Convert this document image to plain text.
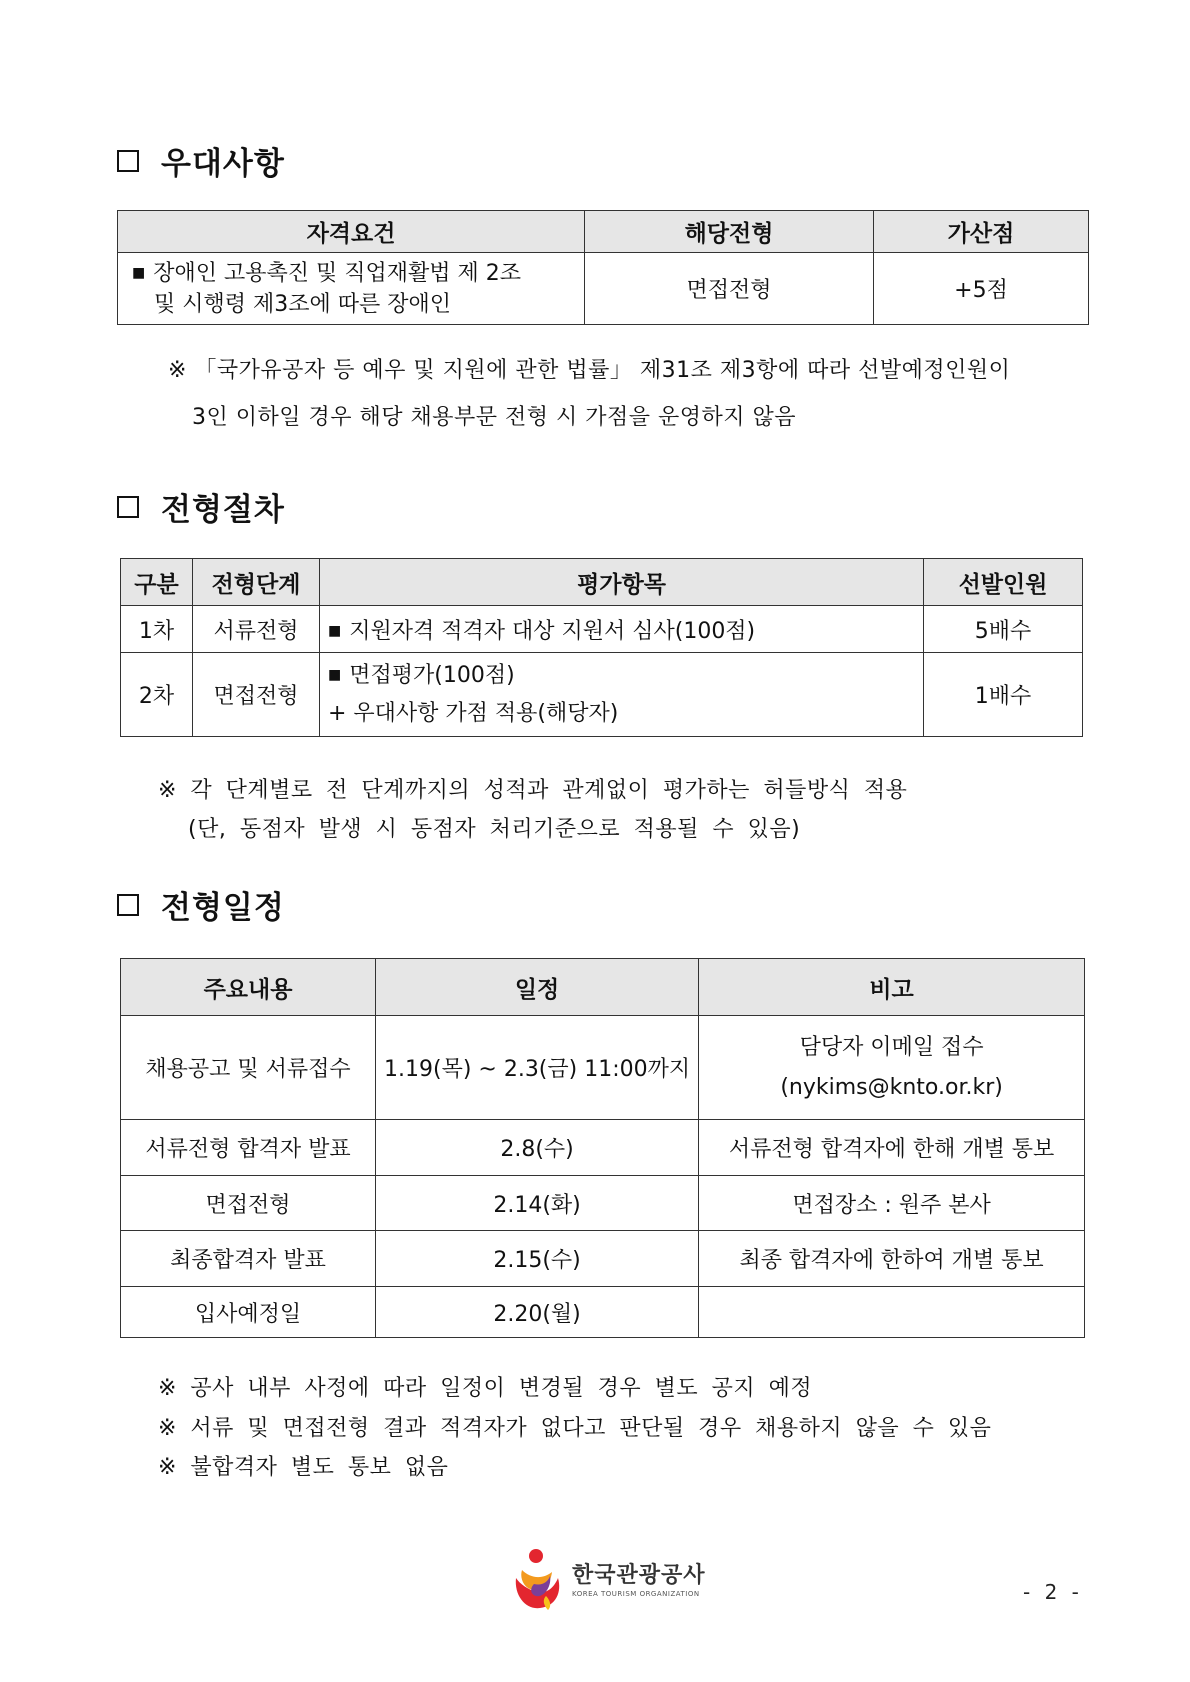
우대사항
자격요건	해당전형	가산점

■ 장애인 고용촉진 및 직업재활법 제 2조
및 시행령 제3조에 따른 장애인	면접전형	+5점
※ 「국가유공자 등 예우 및 지원에 관한 법률」 제31조 제3항에 따라 선발예정인원이
3인 이하일 경우 해당 채용부문 전형 시 가점을 운영하지 않음
전형절차
구분	전형단계	평가항목	선발인원
1차	서류전형	■ 지원자격 적격자 대상 지원서 심사(100점)	5배수
2차	면접전형	■ 면접평가(100점)
+ 우대사항 가점 적용(해당자)	1배수
※ 각 단계별로 전 단계까지의 성적과 관계없이 평가하는 허들방식 적용
(단, 동점자 발생 시 동점자 처리기준으로 적용될 수 있음)
전형일정
주요내용	일정	비고
채용공고 및 서류접수	1.19(목) ~ 2.3(금) 11:00까지	담당자 이메일 접수
(nykims@knto.or.kr)

서류전형 합격자 발표	2.8(수)	서류전형 합격자에 한해 개별 통보
면접전형	2.14(화)	면접장소 : 원주 본사
최종합격자 발표	2.15(수)	최종 합격자에 한하여 개별 통보
입사예정일	2.20(월)	
※ 공사 내부 사정에 따라 일정이 변경될 경우 별도 공지 예정
※ 서류 및 면접전형 결과 적격자가 없다고 판단될 경우 채용하지 않을 수 있음
※ 불합격자 별도 통보 없음
한국관광공사
KOREA TOURISM ORGANIZATION	- 2 -
